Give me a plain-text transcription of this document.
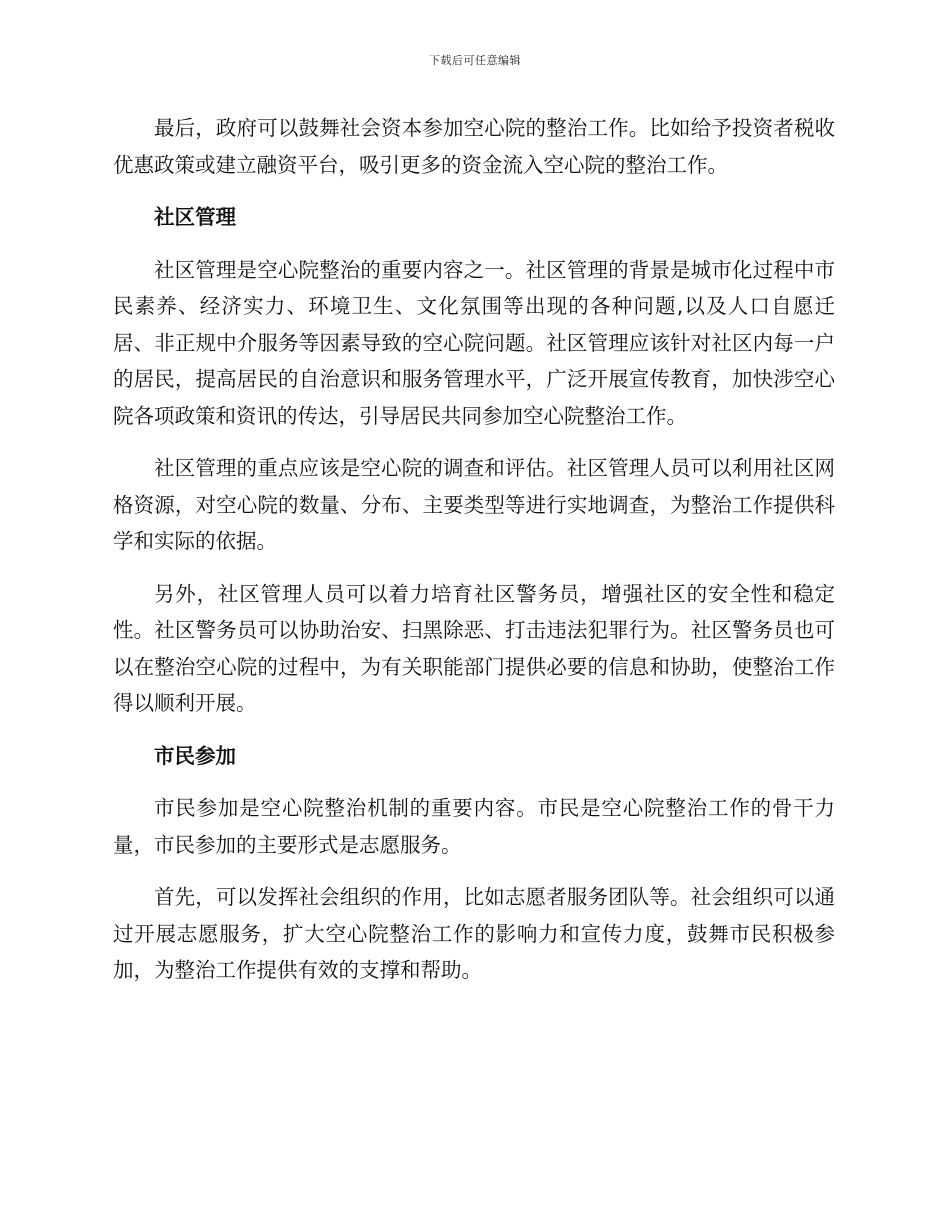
下载后可任意编辑

最后，政府可以鼓舞社会资本参加空心院的整治工作。比如给予投资者税收优惠政策或建立融资平台，吸引更多的资金流入空心院的整治工作。

社区管理

社区管理是空心院整治的重要内容之一。社区管理的背景是城市化过程中市民素养、经济实力、环境卫生、文化氛围等出现的各种问题,以及人口自愿迁居、非正规中介服务等因素导致的空心院问题。社区管理应该针对社区内每一户的居民，提高居民的自治意识和服务管理水平，广泛开展宣传教育，加快涉空心院各项政策和资讯的传达，引导居民共同参加空心院整治工作。

社区管理的重点应该是空心院的调查和评估。社区管理人员可以利用社区网格资源，对空心院的数量、分布、主要类型等进行实地调查，为整治工作提供科学和实际的依据。

另外，社区管理人员可以着力培育社区警务员，增强社区的安全性和稳定性。社区警务员可以协助治安、扫黑除恶、打击违法犯罪行为。社区警务员也可以在整治空心院的过程中，为有关职能部门提供必要的信息和协助，使整治工作得以顺利开展。

市民参加

市民参加是空心院整治机制的重要内容。市民是空心院整治工作的骨干力量，市民参加的主要形式是志愿服务。

首先，可以发挥社会组织的作用，比如志愿者服务团队等。社会组织可以通过开展志愿服务，扩大空心院整治工作的影响力和宣传力度，鼓舞市民积极参加，为整治工作提供有效的支撑和帮助。
